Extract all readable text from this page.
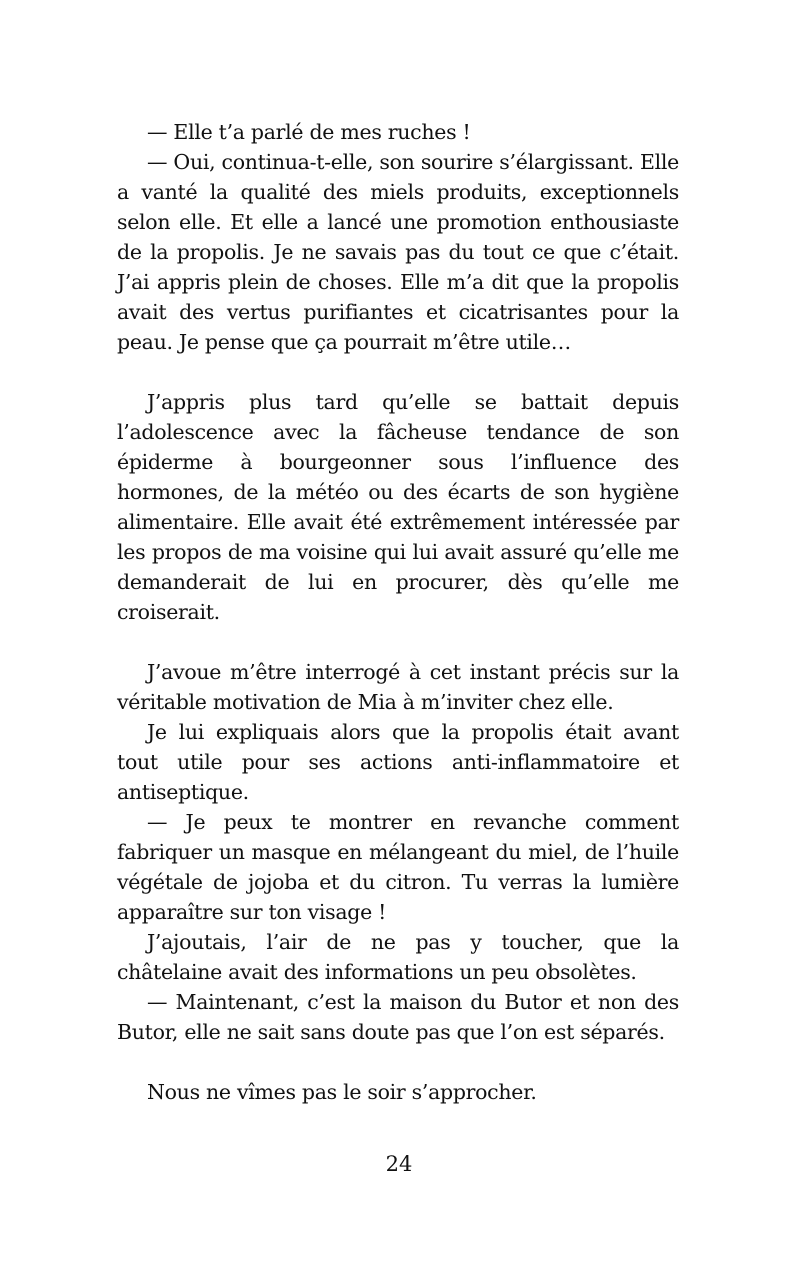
— Elle t’a parlé de mes ruches !

— Oui, continua-t-elle, son sourire s’élargissant. Elle a vanté la qualité des miels produits, exceptionnels selon elle. Et elle a lancé une promotion enthousiaste de la propolis. Je ne savais pas du tout ce que c’était. J’ai appris plein de choses. Elle m’a dit que la propolis avait des vertus purifiantes et cicatrisantes pour la peau. Je pense que ça pourrait m’être utile…

J’appris plus tard qu’elle se battait depuis l’adolescence avec la fâcheuse tendance de son épiderme à bourgeonner sous l’influence des hormones, de la météo ou des écarts de son hygiène alimentaire. Elle avait été extrêmement intéressée par les propos de ma voisine qui lui avait assuré qu’elle me demanderait de lui en procurer, dès qu’elle me croiserait.

J’avoue m’être interrogé à cet instant précis sur la véritable motivation de Mia à m’inviter chez elle.

Je lui expliquais alors que la propolis était avant tout utile pour ses actions anti-inflammatoire et antiseptique.

— Je peux te montrer en revanche comment fabriquer un masque en mélangeant du miel, de l’huile végétale de jojoba et du citron. Tu verras la lumière apparaître sur ton visage !

J’ajoutais, l’air de ne pas y toucher, que la châtelaine avait des informations un peu obsolètes.

— Maintenant, c’est la maison du Butor et non des Butor, elle ne sait sans doute pas que l’on est séparés.

Nous ne vîmes pas le soir s’approcher.

24
